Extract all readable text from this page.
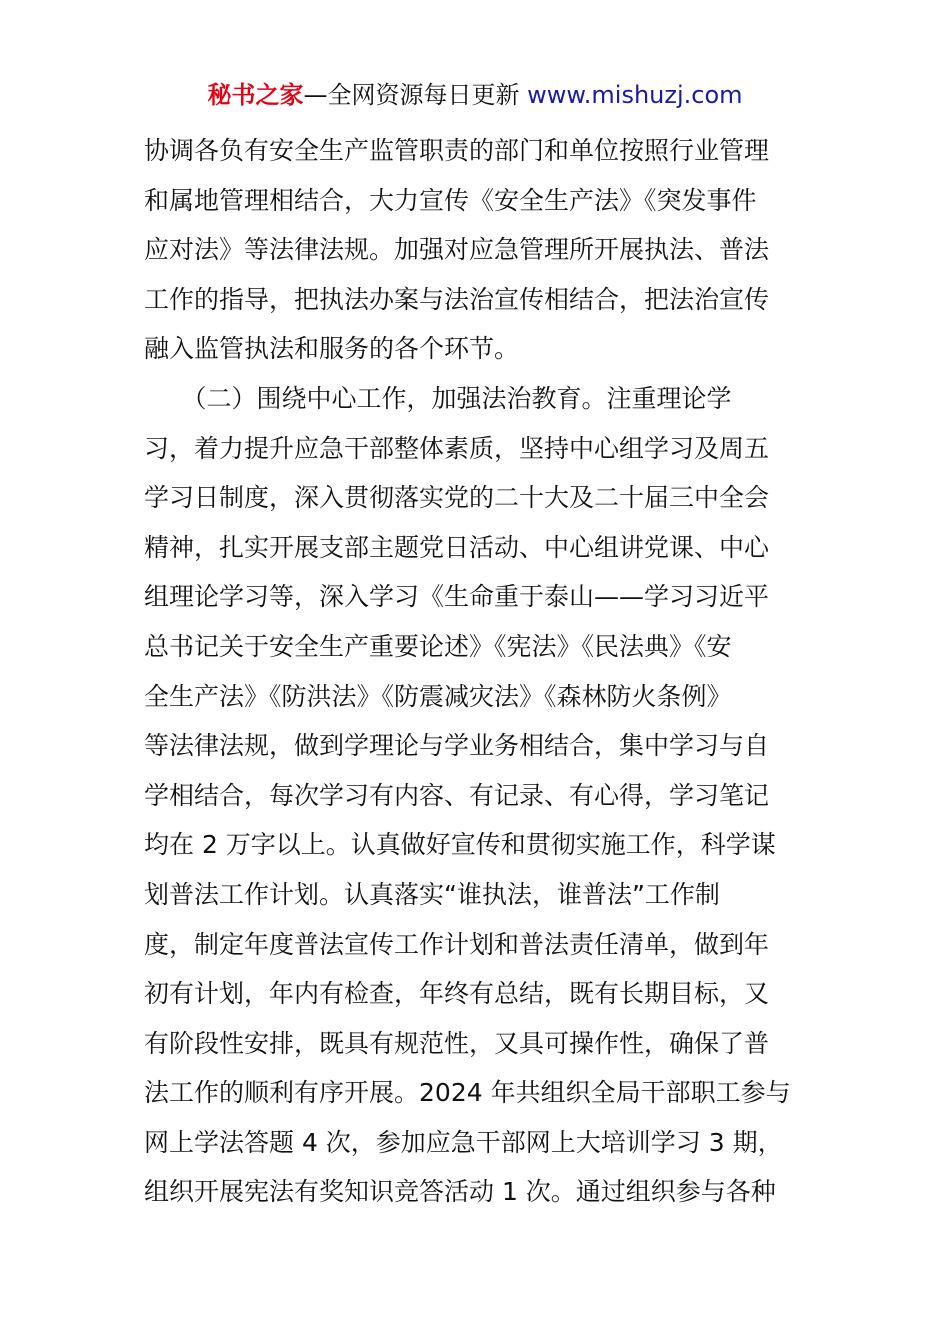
秘书之家—全网资源每日更新 www.mishuzj.com
协调各负有安全生产监管职责的部门和单位按照行业管理
和属地管理相结合，大力宣传《安全生产法》《突发事件
应对法》等法律法规。加强对应急管理所开展执法、普法
工作的指导，把执法办案与法治宣传相结合，把法治宣传
融入监管执法和服务的各个环节。
　　（二）围绕中心工作，加强法治教育。注重理论学
习，着力提升应急干部整体素质，坚持中心组学习及周五
学习日制度，深入贯彻落实党的二十大及二十届三中全会
精神，扎实开展支部主题党日活动、中心组讲党课、中心
组理论学习等，深入学习《生命重于泰山——学习习近平
总书记关于安全生产重要论述》《宪法》《民法典》《安
全生产法》《防洪法》《防震减灾法》《森林防火条例》
等法律法规，做到学理论与学业务相结合，集中学习与自
学相结合，每次学习有内容、有记录、有心得，学习笔记
均在 2 万字以上。认真做好宣传和贯彻实施工作，科学谋
划普法工作计划。认真落实“谁执法，谁普法”工作制
度，制定年度普法宣传工作计划和普法责任清单，做到年
初有计划，年内有检查，年终有总结，既有长期目标，又
有阶段性安排，既具有规范性，又具可操作性，确保了普
法工作的顺利有序开展。2024 年共组织全局干部职工参与
网上学法答题 4 次，参加应急干部网上大培训学习 3 期，
组织开展宪法有奖知识竞答活动 1 次。通过组织参与各种
